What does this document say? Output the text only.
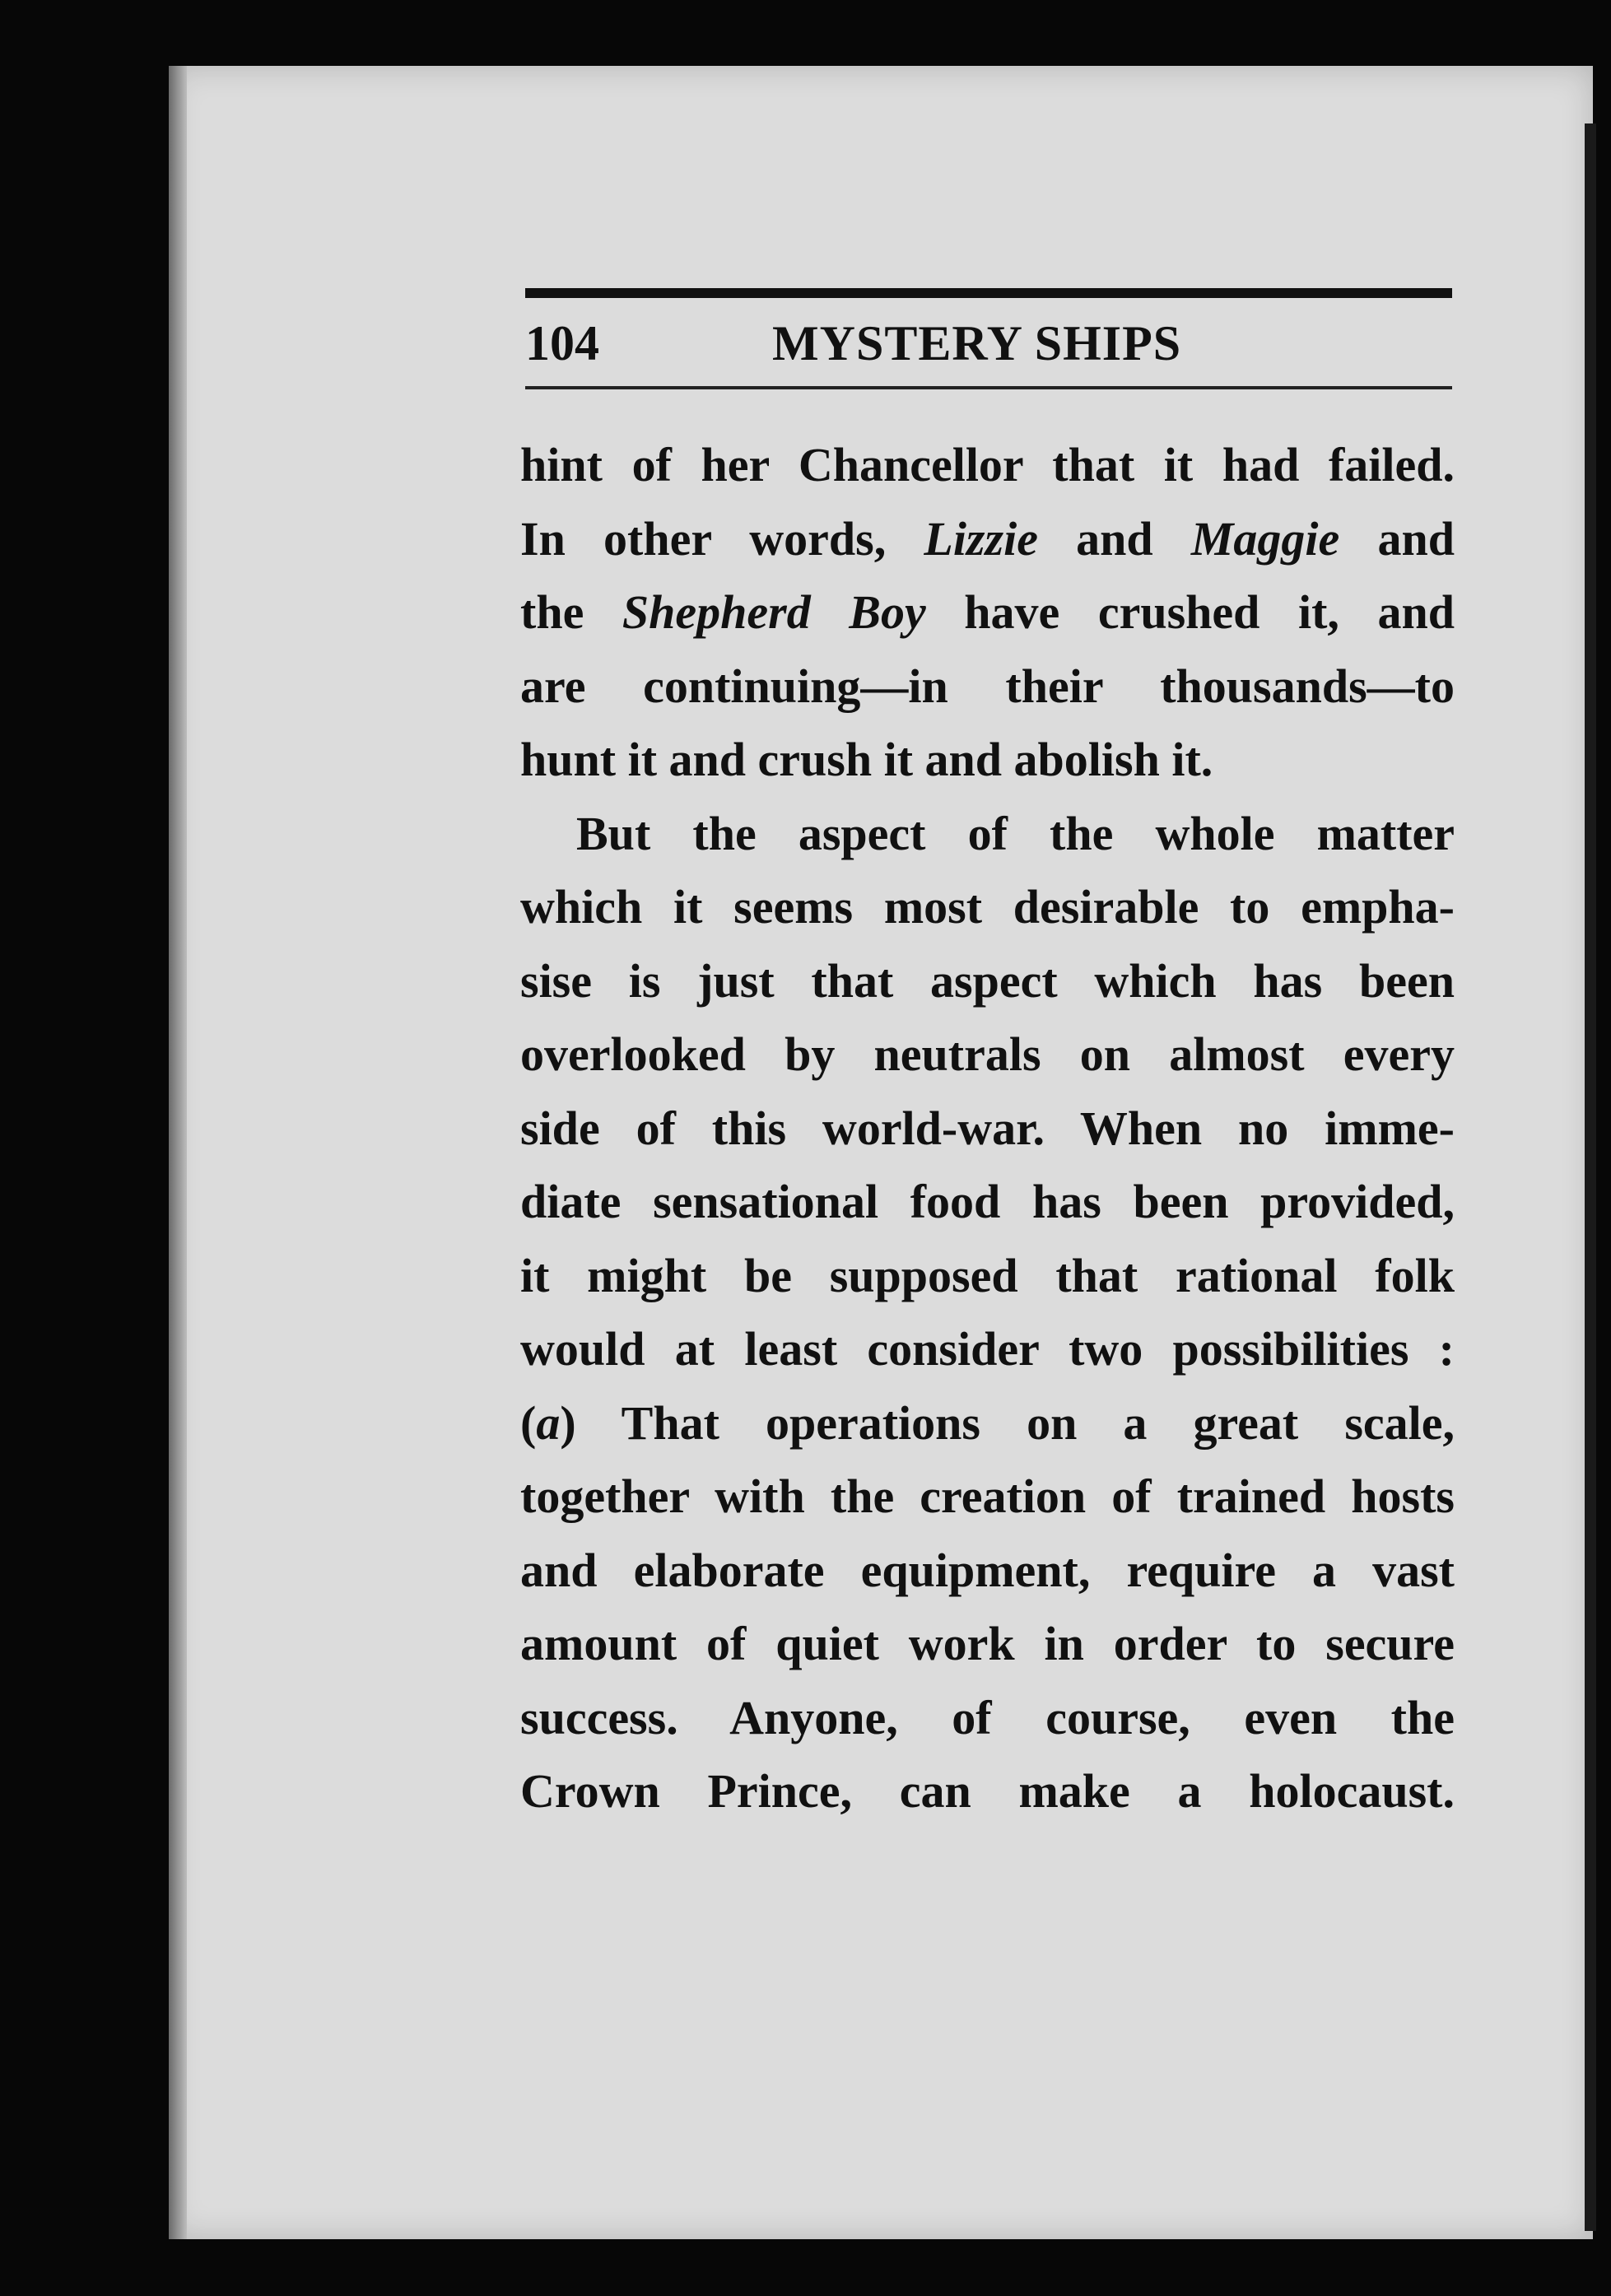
104	MYSTERY SHIPS
hint of her Chancellor that it had failed.
In other words, Lizzie and Maggie and
the Shepherd Boy have crushed it, and
are continuing—in their thousands—to
hunt it and crush it and abolish it.
But the aspect of the whole matter
which it seems most desirable to empha-
sise is just that aspect which has been
overlooked by neutrals on almost every
side of this world-war. When no imme-
diate sensational food has been provided,
it might be supposed that rational folk
would at least consider two possibilities :
(a) That operations on a great scale,
together with the creation of trained hosts
and elaborate equipment, require a vast
amount of quiet work in order to secure
success. Anyone, of course, even the
Crown Prince, can make a holocaust.
